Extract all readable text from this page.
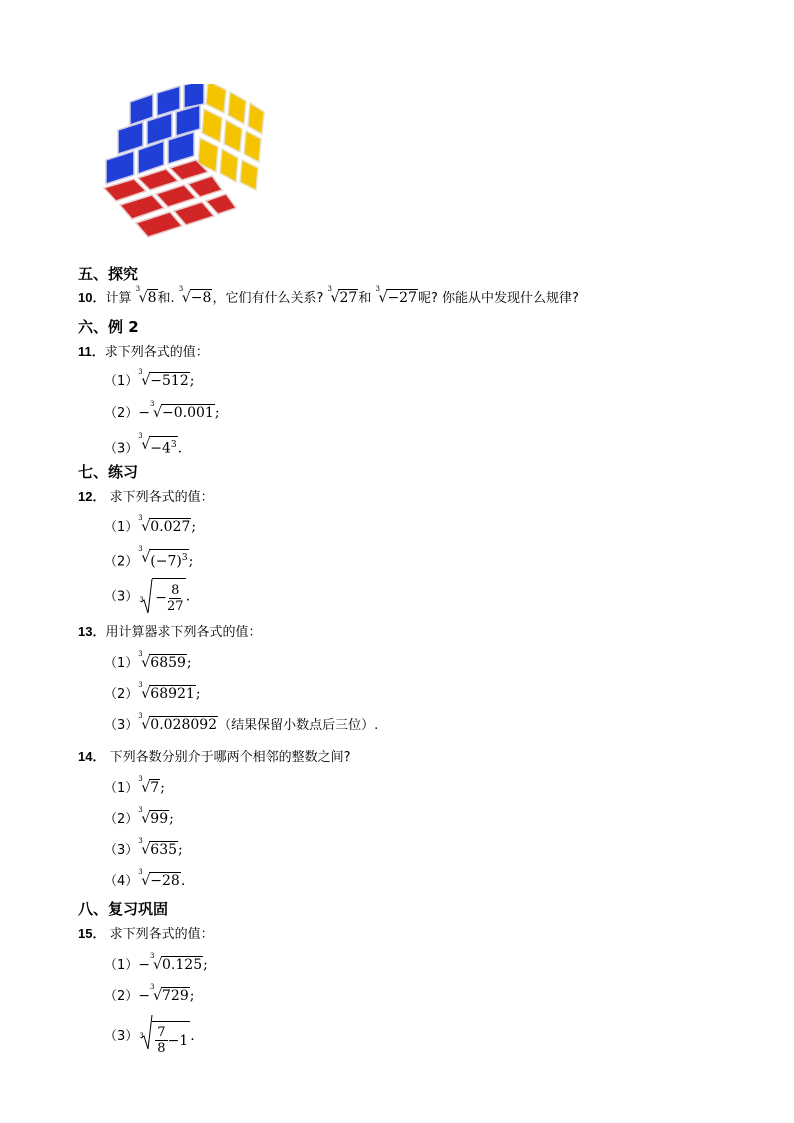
五、探究
10．计算
3
√ 8和.
3
√ −8，它们有什么关系?
3
√ 27和
3
√ −27呢? 你能从中发现什么规律?
六、例 2
11．求下列各式的值：
（1）
3
√ −512;
（2）−
3
√ −0.001;
（3）
3
√ $-4^3$.
七、练习
12． 求下列各式的值：
（1）
3
√ 0.027;
（2）
3
√ $(-7)^3$;
（3） $3 - \frac{8}{27}$ .
13．用计算器求下列各式的值：
（1）
3
√ 6859;
（2）
3
√ 68921;
（3）
3
√ 0.028092（结果保留小数点后三位）.
14． 下列各数分别介于哪两个相邻的整数之间?
（1）
3
√ 7;
（2）
3
√ 99;
（3）
3
√ 635;
（4）
3
√ −28.
八、复习巩固
15． 求下列各式的值：
（1）−
3
√ 0.125;
（2）−
3
√ 729;
（3） $3 \frac{7}{8} -1$ .
